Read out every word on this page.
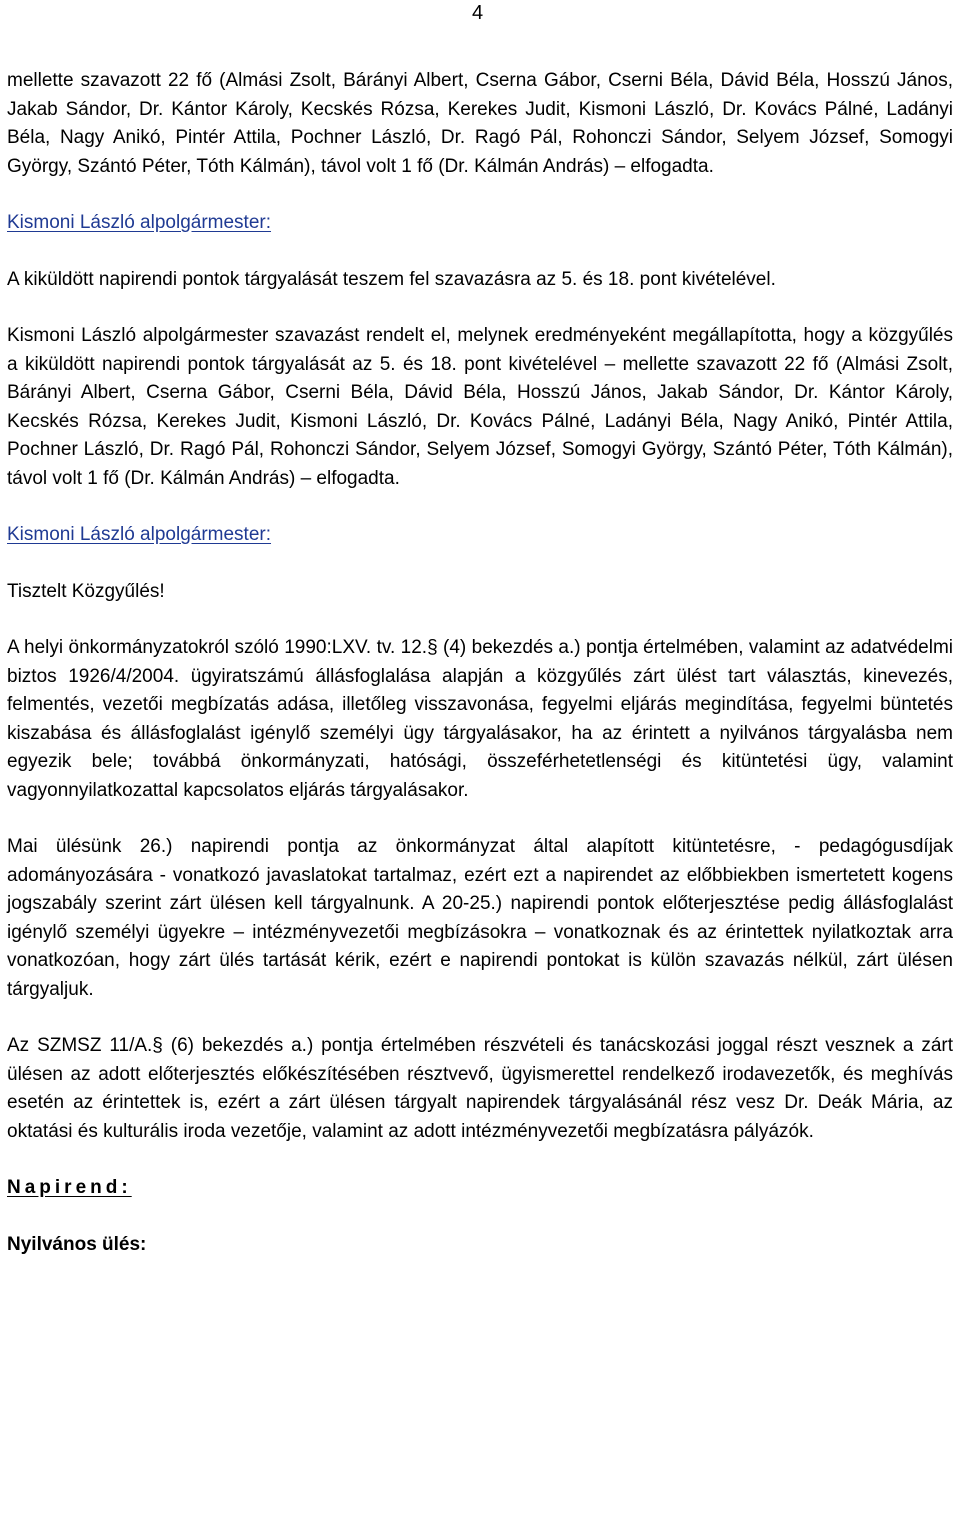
4

mellette szavazott 22 fő (Almási Zsolt, Bárányi Albert, Cserna Gábor, Cserni Béla, Dávid Béla, Hosszú János, Jakab Sándor, Dr. Kántor Károly, Kecskés Rózsa, Kerekes Judit, Kismoni László, Dr. Kovács Pálné, Ladányi Béla, Nagy Anikó, Pintér Attila, Pochner László, Dr. Ragó Pál, Rohonczi Sándor, Selyem József, Somogyi György, Szántó Péter, Tóth Kálmán), távol volt 1 fő (Dr. Kálmán András) – elfogadta.

Kismoni László alpolgármester:

A kiküldött napirendi pontok tárgyalását teszem fel szavazásra az 5. és 18. pont kivételével.

Kismoni László alpolgármester szavazást rendelt el, melynek eredményeként megállapította, hogy a közgyűlés a kiküldött napirendi pontok tárgyalását az 5. és 18. pont kivételével – mellette szavazott 22 fő (Almási Zsolt, Bárányi Albert, Cserna Gábor, Cserni Béla, Dávid Béla, Hosszú János, Jakab Sándor, Dr. Kántor Károly, Kecskés Rózsa, Kerekes Judit, Kismoni László, Dr. Kovács Pálné, Ladányi Béla, Nagy Anikó, Pintér Attila, Pochner László, Dr. Ragó Pál, Rohonczi Sándor, Selyem József, Somogyi György, Szántó Péter, Tóth Kálmán), távol volt 1 fő (Dr. Kálmán András) – elfogadta.

Kismoni László alpolgármester:

Tisztelt Közgyűlés!

A helyi önkormányzatokról szóló 1990:LXV. tv. 12.§ (4) bekezdés a.) pontja értelmében, valamint az adatvédelmi biztos 1926/4/2004. ügyiratszámú állásfoglalása alapján a közgyűlés zárt ülést tart választás, kinevezés, felmentés, vezetői megbízatás adása, illetőleg visszavonása, fegyelmi eljárás megindítása, fegyelmi büntetés kiszabása és állásfoglalást igénylő személyi ügy tárgyalásakor, ha az érintett a nyilvános tárgyalásba nem egyezik bele; továbbá önkormányzati, hatósági, összeférhetetlenségi és kitüntetési ügy, valamint vagyonnyilatkozattal kapcsolatos eljárás tárgyalásakor.

Mai ülésünk 26.) napirendi pontja az önkormányzat által alapított kitüntetésre, - pedagógusdíjak adományozására - vonatkozó javaslatokat tartalmaz, ezért ezt a napirendet az előbbiekben ismertetett kogens jogszabály szerint zárt ülésen kell tárgyalnunk. A 20-25.) napirendi pontok előterjesztése pedig állásfoglalást igénylő személyi ügyekre – intézményvezetői megbízásokra – vonatkoznak és az érintettek nyilatkoztak arra vonatkozóan, hogy zárt ülés tartását kérik, ezért e napirendi pontokat is külön szavazás nélkül, zárt ülésen tárgyaljuk.

Az SZMSZ 11/A.§ (6) bekezdés a.) pontja értelmében részvételi és tanácskozási joggal részt vesznek a zárt ülésen az adott előterjesztés előkészítésében résztvevő, ügyismerettel rendelkező irodavezetők, és meghívás esetén az érintettek is, ezért a zárt ülésen tárgyalt napirendek tárgyalásánál rész vesz Dr. Deák Mária, az oktatási és kulturális iroda vezetője, valamint az adott intézményvezetői megbízatásra pályázók.

Napirend:

Nyilvános ülés:
